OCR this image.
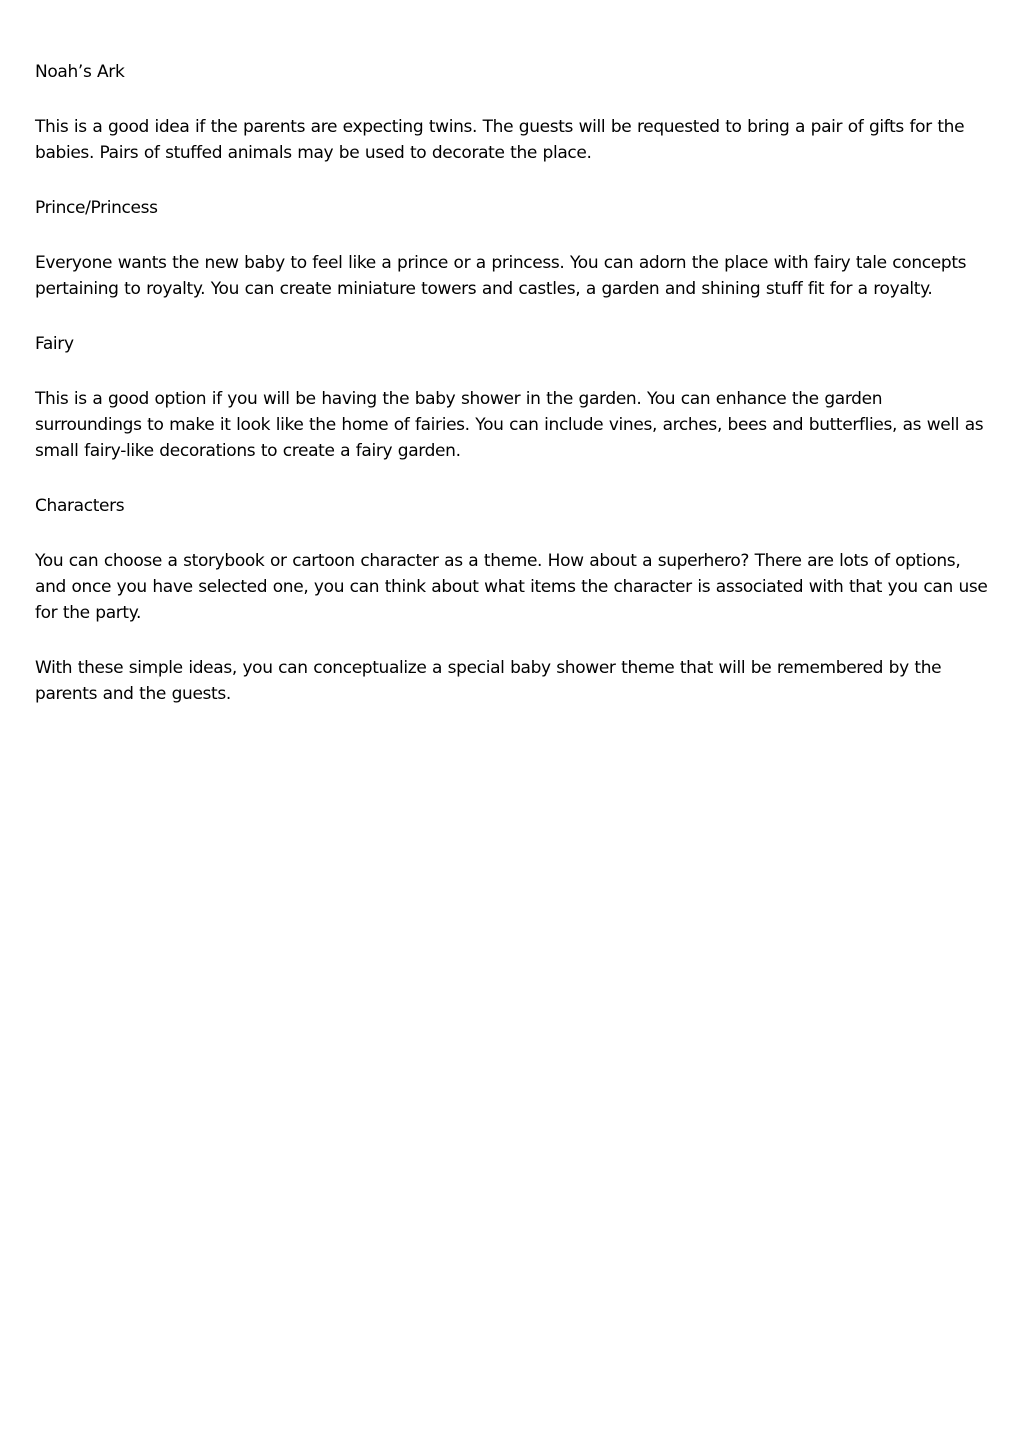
Noah’s Ark

This is a good idea if the parents are expecting twins. The guests will be requested to bring a pair of gifts for the babies. Pairs of stuffed animals may be used to decorate the place.

Prince/Princess

Everyone wants the new baby to feel like a prince or a princess. You can adorn the place with fairy tale concepts pertaining to royalty. You can create miniature towers and castles, a garden and shining stuff fit for a royalty.

Fairy

This is a good option if you will be having the baby shower in the garden. You can enhance the garden surroundings to make it look like the home of fairies. You can include vines, arches, bees and butterflies, as well as small fairy-like decorations to create a fairy garden.

Characters

You can choose a storybook or cartoon character as a theme. How about a superhero? There are lots of options, and once you have selected one, you can think about what items the character is associated with that you can use for the party.

With these simple ideas, you can conceptualize a special baby shower theme that will be remembered by the parents and the guests.
